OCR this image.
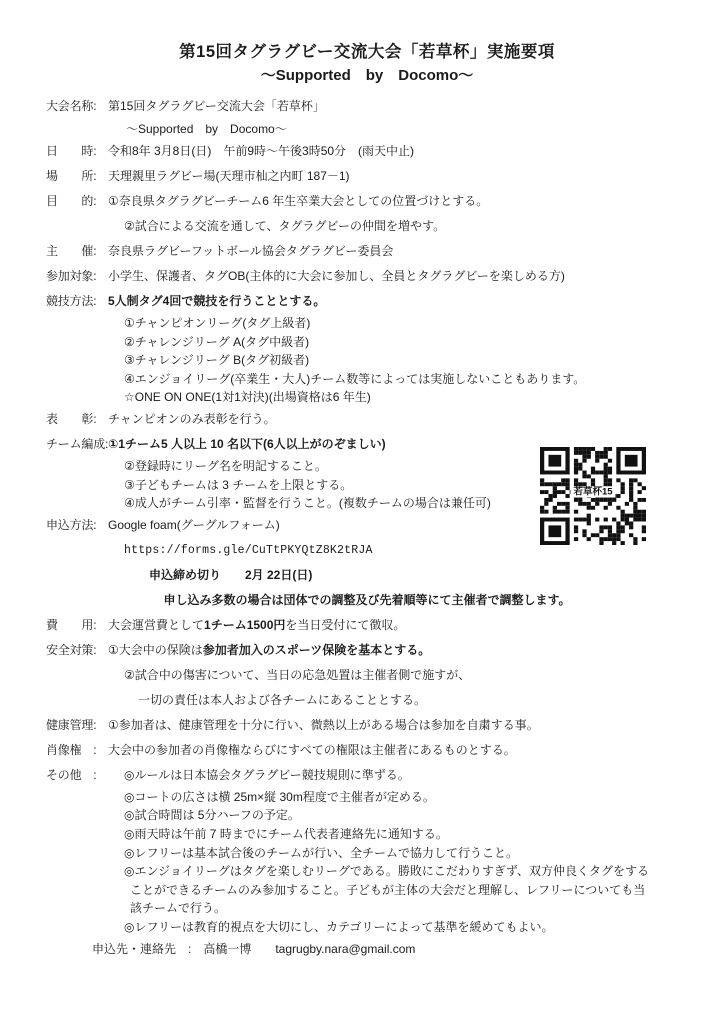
第15回タグラグビー交流大会「若草杯」実施要項
～Supported　by　Docomo～
大会名称: 第15回タグラグビー交流大会「若草杯」
～Supported　by　Docomo～
日　　時: 令和8年 3月8日(日)　午前9時～午後3時50分　(雨天中止)
場　　所: 天理親里ラグビー場(天理市杣之内町 187－1)
目　　的: ①奈良県タグラグビーチーム6 年生卒業大会としての位置づけとする。
②試合による交流を通して、タグラグビーの仲間を増やす。
主　　催: 奈良県ラグビーフットボール協会タグラグビー委員会
参加対象: 小学生、保護者、タグOB(主体的に大会に参加し、全員とタグラグビーを楽しめる方)
競技方法: 5人制タグ4回で競技を行うこととする。
①チャンピオンリーグ(タグ上級者)
②チャレンジリーグ A(タグ中級者)
③チャレンジリーグ B(タグ初級者)
④エンジョイリーグ(卒業生・大人)チーム数等によっては実施しないこともあります。
☆ONE ON ONE(1対1対決)(出場資格は6 年生)
表　　彰: チャンピオンのみ表彰を行う。
チーム編成: ①1チーム5 人以上 10 名以下(6人以上がのぞましい)
②登録時にリーグ名を明記すること。
③子どもチームは 3 チームを上限とする。
④成人がチーム引率・監督を行うこと。(複数チームの場合は兼任可)
申込方法: Google foam(グーグルフォーム)
https://forms.gle/CuTtPKYQtZ8K2tRJA
申込締め切り　　2月 22日(日)
申し込み多数の場合は団体での調整及び先着順等にて主催者で調整します。
費　　用: 大会運営費として1チーム1500円を当日受付にて徴収。
安全対策: ①大会中の保険は参加者加入のスポーツ保険を基本とする。
②試合中の傷害について、当日の応急処置は主催者側で施すが、
一切の責任は本人および各チームにあることとする。
健康管理: ①参加者は、健康管理を十分に行い、微熱以上がある場合は参加を自粛する事。
肖像権　: 大会中の参加者の肖像権ならびにすべての権限は主催者にあるものとする。
その他　:	◎ルールは日本協会タグラグビー競技規則に準ずる。
◎コートの広さは横 25m×縦 30m程度で主催者が定める。
◎試合時間は 5分ハーフの予定。
◎雨天時は午前 7 時までにチーム代表者連絡先に通知する。
◎レフリーは基本試合後のチームが行い、全チームで協力して行うこと。
◎エンジョイリーグはタグを楽しむリーグである。勝敗にこだわりすぎず、双方仲良くタグをする
ことができるチームのみ参加すること。子どもが主体の大会だと理解し、レフリーについても当
該チームで行う。
◎レフリーは教育的視点を大切にし、カテゴリーによって基準を緩めてもよい。
申込先・連絡先　:　高橋一博　　tagrugby.nara@gmail.com
若草杯15
